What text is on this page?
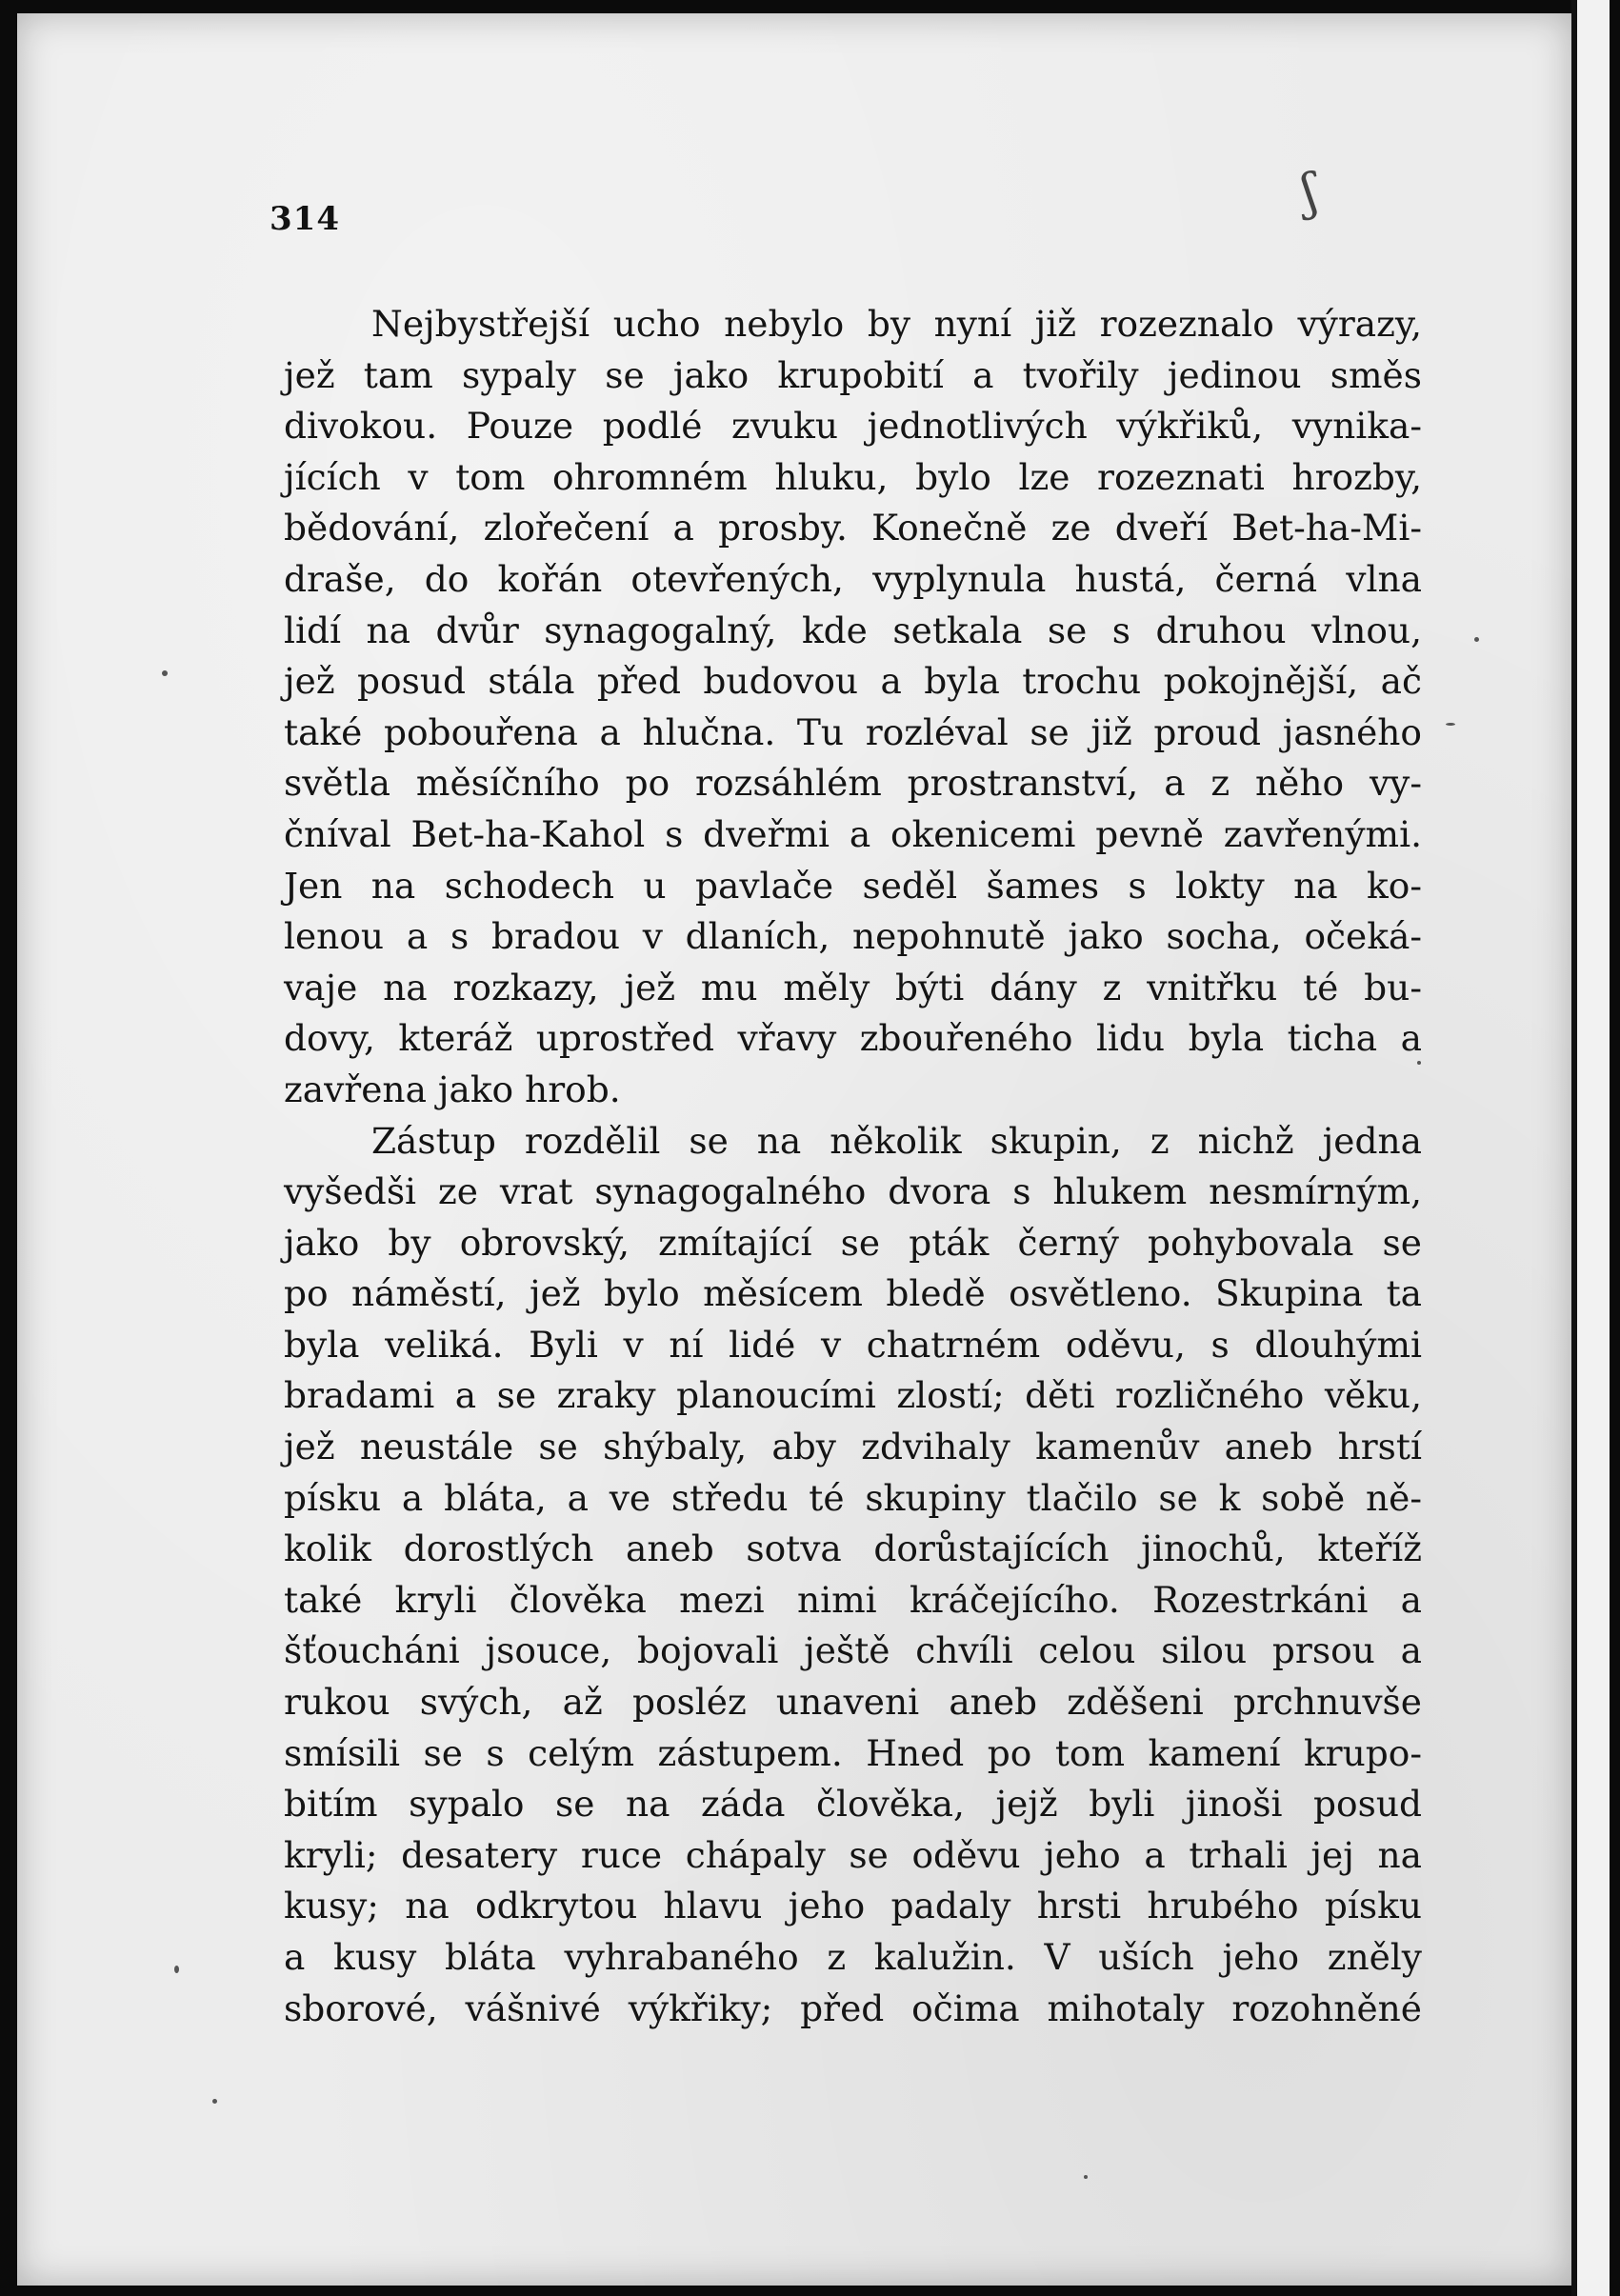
314	ʃ
Nejbystřejší ucho nebylo by nyní již rozeznalo výrazy,
jež tam sypaly se jako krupobití a tvořily jedinou směs
divokou. Pouze podlé zvuku jednotlivých výkřiků, vynika-
jících v tom ohromném hluku, bylo lze rozeznati hrozby,
bědování, zlořečení a prosby. Konečně ze dveří Bet-ha-Mi-
draše, do kořán otevřených, vyplynula hustá, černá vlna
lidí na dvůr synagogalný, kde setkala se s druhou vlnou,
jež posud stála před budovou a byla trochu pokojnější, ač
také pobouřena a hlučna. Tu rozléval se již proud jasného
světla měsíčního po rozsáhlém prostranství, a z něho vy-
čníval Bet-ha-Kahol s dveřmi a okenicemi pevně zavřenými.
Jen na schodech u pavlače seděl šames s lokty na ko-
lenou a s bradou v dlaních, nepohnutě jako socha, očeká-
vaje na rozkazy, jež mu měly býti dány z vnitřku té bu-
dovy, kteráž uprostřed vřavy zbouřeného lidu byla ticha a
zavřena jako hrob.
Zástup rozdělil se na několik skupin, z nichž jedna
vyšedši ze vrat synagogalného dvora s hlukem nesmírným,
jako by obrovský, zmítající se pták černý pohybovala se
po náměstí, jež bylo měsícem bledě osvětleno. Skupina ta
byla veliká. Byli v ní lidé v chatrném oděvu, s dlouhými
bradami a se zraky planoucími zlostí; děti rozličného věku,
jež neustále se shýbaly, aby zdvihaly kamenův aneb hrstí
písku a bláta, a ve středu té skupiny tlačilo se k sobě ně-
kolik dorostlých aneb sotva dorůstajících jinochů, kteříž
také kryli člověka mezi nimi kráčejícího. Rozestrkáni a
šťoucháni jsouce, bojovali ještě chvíli celou silou prsou a
rukou svých, až posléz unaveni aneb zděšeni prchnuvše
smísili se s celým zástupem. Hned po tom kamení krupo-
bitím sypalo se na záda člověka, jejž byli jinoši posud
kryli; desatery ruce chápaly se oděvu jeho a trhali jej na
kusy; na odkrytou hlavu jeho padaly hrsti hrubého písku
a kusy bláta vyhrabaného z kalužin. V uších jeho zněly
sborové, vášnivé výkřiky; před očima mihotaly rozohněné
